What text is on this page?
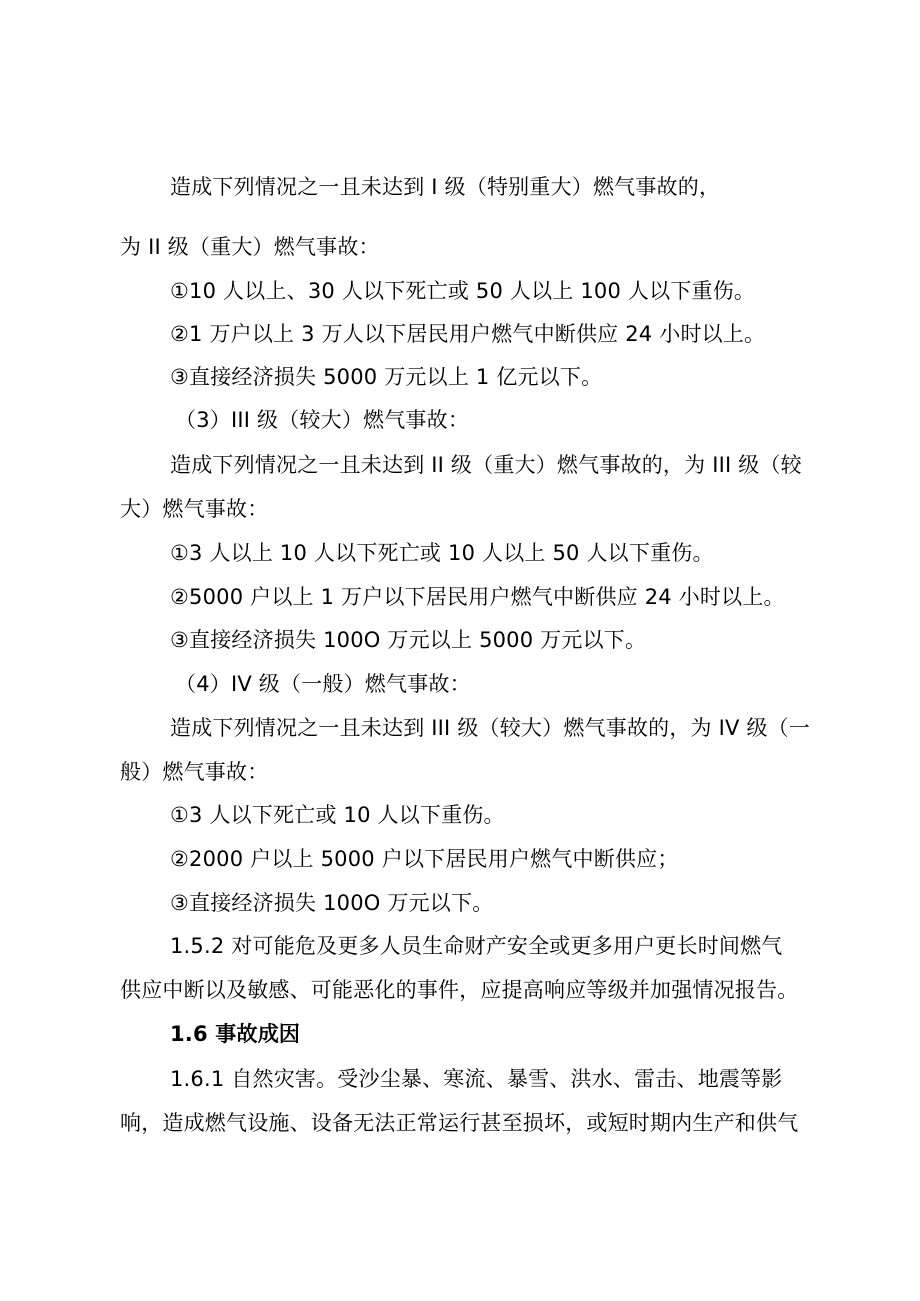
造成下列情况之一且未达到 I 级（特别重大）燃气事故的，
为 II 级（重大）燃气事故：
①10 人以上、30 人以下死亡或 50 人以上 100 人以下重伤。
②1 万户以上 3 万人以下居民用户燃气中断供应 24 小时以上。
③直接经济损失 5000 万元以上 1 亿元以下。
（3）III 级（较大）燃气事故：
造成下列情况之一且未达到 II 级（重大）燃气事故的，为 III 级（较
大）燃气事故：
①3 人以上 10 人以下死亡或 10 人以上 50 人以下重伤。
②5000 户以上 1 万户以下居民用户燃气中断供应 24 小时以上。
③直接经济损失 100O 万元以上 5000 万元以下。
（4）IV 级（一般）燃气事故：
造成下列情况之一且未达到 III 级（较大）燃气事故的，为 IV 级（一
般）燃气事故：
①3 人以下死亡或 10 人以下重伤。
②2000 户以上 5000 户以下居民用户燃气中断供应；
③直接经济损失 100O 万元以下。
1.5.2 对可能危及更多人员生命财产安全或更多用户更长时间燃气
供应中断以及敏感、可能恶化的事件，应提高响应等级并加强情况报告。
1.6 事故成因
1.6.1 自然灾害。受沙尘暴、寒流、暴雪、洪水、雷击、地震等影
响，造成燃气设施、设备无法正常运行甚至损坏，或短时期内生产和供气
